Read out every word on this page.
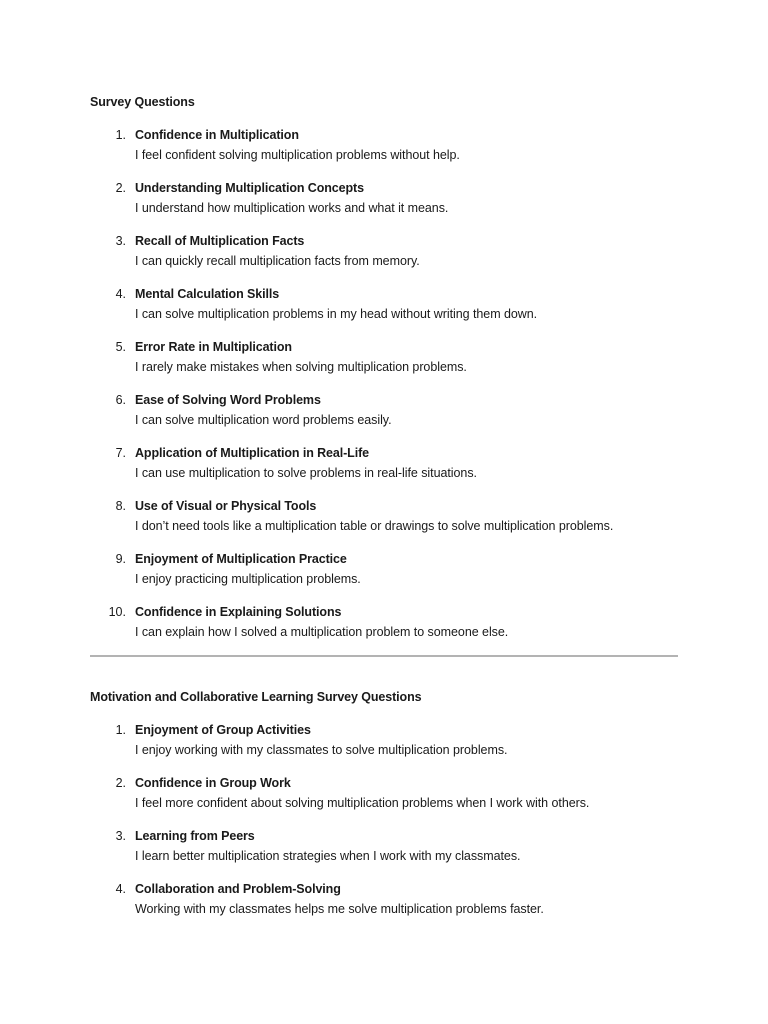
Survey Questions
1. Confidence in Multiplication
I feel confident solving multiplication problems without help.
2. Understanding Multiplication Concepts
I understand how multiplication works and what it means.
3. Recall of Multiplication Facts
I can quickly recall multiplication facts from memory.
4. Mental Calculation Skills
I can solve multiplication problems in my head without writing them down.
5. Error Rate in Multiplication
I rarely make mistakes when solving multiplication problems.
6. Ease of Solving Word Problems
I can solve multiplication word problems easily.
7. Application of Multiplication in Real-Life
I can use multiplication to solve problems in real-life situations.
8. Use of Visual or Physical Tools
I don’t need tools like a multiplication table or drawings to solve multiplication problems.
9. Enjoyment of Multiplication Practice
I enjoy practicing multiplication problems.
10. Confidence in Explaining Solutions
I can explain how I solved a multiplication problem to someone else.
Motivation and Collaborative Learning Survey Questions
1. Enjoyment of Group Activities
I enjoy working with my classmates to solve multiplication problems.
2. Confidence in Group Work
I feel more confident about solving multiplication problems when I work with others.
3. Learning from Peers
I learn better multiplication strategies when I work with my classmates.
4. Collaboration and Problem-Solving
Working with my classmates helps me solve multiplication problems faster.
